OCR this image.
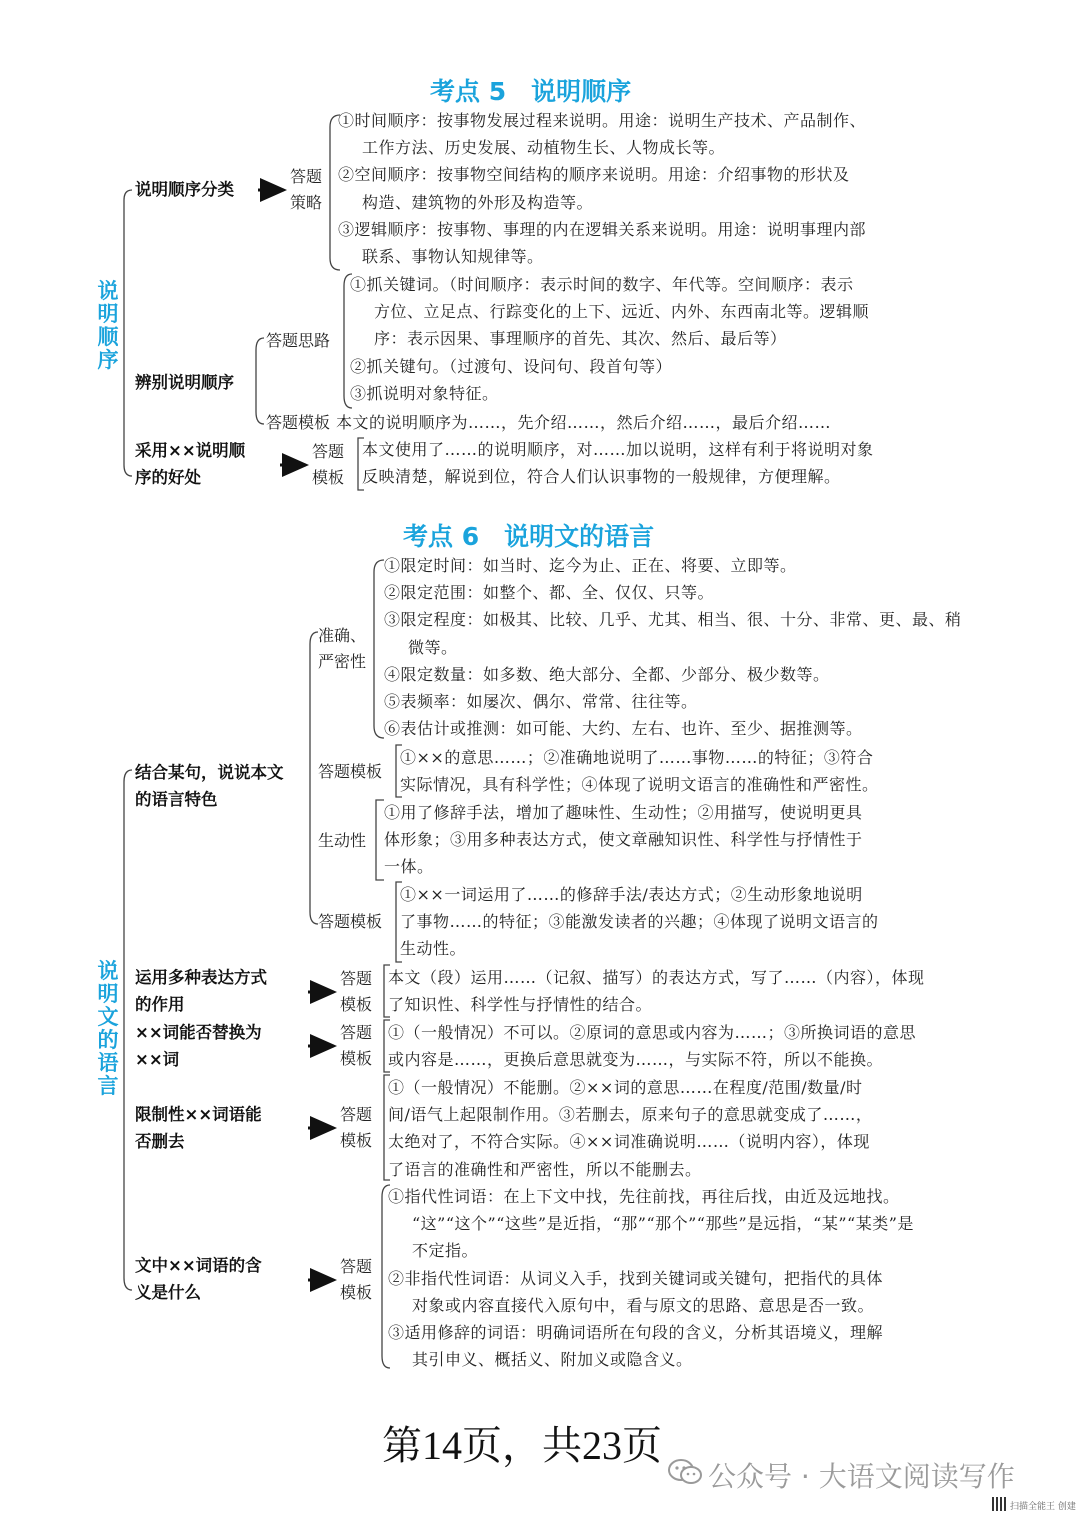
考点 5　说明顺序
说
明
顺
序
说明顺序分类
答题
策略
①时间顺序：按事物发展过程来说明。用途：说明生产技术、产品制作、
工作方法、历史发展、动植物生长、人物成长等。
②空间顺序：按事物空间结构的顺序来说明。用途：介绍事物的形状及
构造、建筑物的外形及构造等。
③逻辑顺序：按事物、事理的内在逻辑关系来说明。用途：说明事理内部
联系、事物认知规律等。
辨别说明顺序
答题思路
①抓关键词。（时间顺序：表示时间的数字、年代等。空间顺序：表示
方位、立足点、行踪变化的上下、远近、内外、东西南北等。逻辑顺
序：表示因果、事理顺序的首先、其次、然后、最后等）
②抓关键句。（过渡句、设问句、段首句等）
③抓说明对象特征。
答题模板 本文的说明顺序为……，先介绍……，然后介绍……，最后介绍……
采用××说明顺
序的好处
答题
模板
本文使用了……的说明顺序，对……加以说明，这样有利于将说明对象
反映清楚，解说到位，符合人们认识事物的一般规律，方便理解。
考点 6　说明文的语言
说
明
文
的
语
言
结合某句，说说本文
的语言特色
准确、
严密性
①限定时间：如当时、迄今为止、正在、将要、立即等。
②限定范围：如整个、都、全、仅仅、只等。
③限定程度：如极其、比较、几乎、尤其、相当、很、十分、非常、更、最、稍
微等。
④限定数量：如多数、绝大部分、全都、少部分、极少数等。
⑤表频率：如屡次、偶尔、常常、往往等。
⑥表估计或推测：如可能、大约、左右、也许、至少、据推测等。
答题模板
①××的意思……；②准确地说明了……事物……的特征；③符合
实际情况，具有科学性；④体现了说明文语言的准确性和严密性。
生动性
①用了修辞手法，增加了趣味性、生动性；②用描写，使说明更具
体形象；③用多种表达方式，使文章融知识性、科学性与抒情性于
一体。
答题模板
①××一词运用了……的修辞手法/表达方式；②生动形象地说明
了事物……的特征；③能激发读者的兴趣；④体现了说明文语言的
生动性。
运用多种表达方式
的作用
答题
模板
本文（段）运用……（记叙、描写）的表达方式，写了……（内容），体现
了知识性、科学性与抒情性的结合。
××词能否替换为
××词
答题
模板
①（一般情况）不可以。②原词的意思或内容为……；③所换词语的意思
或内容是……，更换后意思就变为……，与实际不符，所以不能换。
限制性××词语能
否删去
答题
模板
①（一般情况）不能删。②××词的意思……在程度/范围/数量/时
间/语气上起限制作用。③若删去，原来句子的意思就变成了……，
太绝对了，不符合实际。④××词准确说明……（说明内容），体现
了语言的准确性和严密性，所以不能删去。
文中××词语的含
义是什么
答题
模板
①指代性词语：在上下文中找，先往前找，再往后找，由近及远地找。
“这”“这个”“这些”是近指，“那”“那个”“那些”是远指，“某”“某类”是
不定指。
②非指代性词语：从词义入手，找到关键词或关键句，把指代的具体
对象或内容直接代入原句中，看与原文的思路、意思是否一致。
③适用修辞的词语：明确词语所在句段的含义，分析其语境义，理解
其引申义、概括义、附加义或隐含义。
第14页，共23页
公众号 · 大语文阅读写作
扫描全能王 创建
